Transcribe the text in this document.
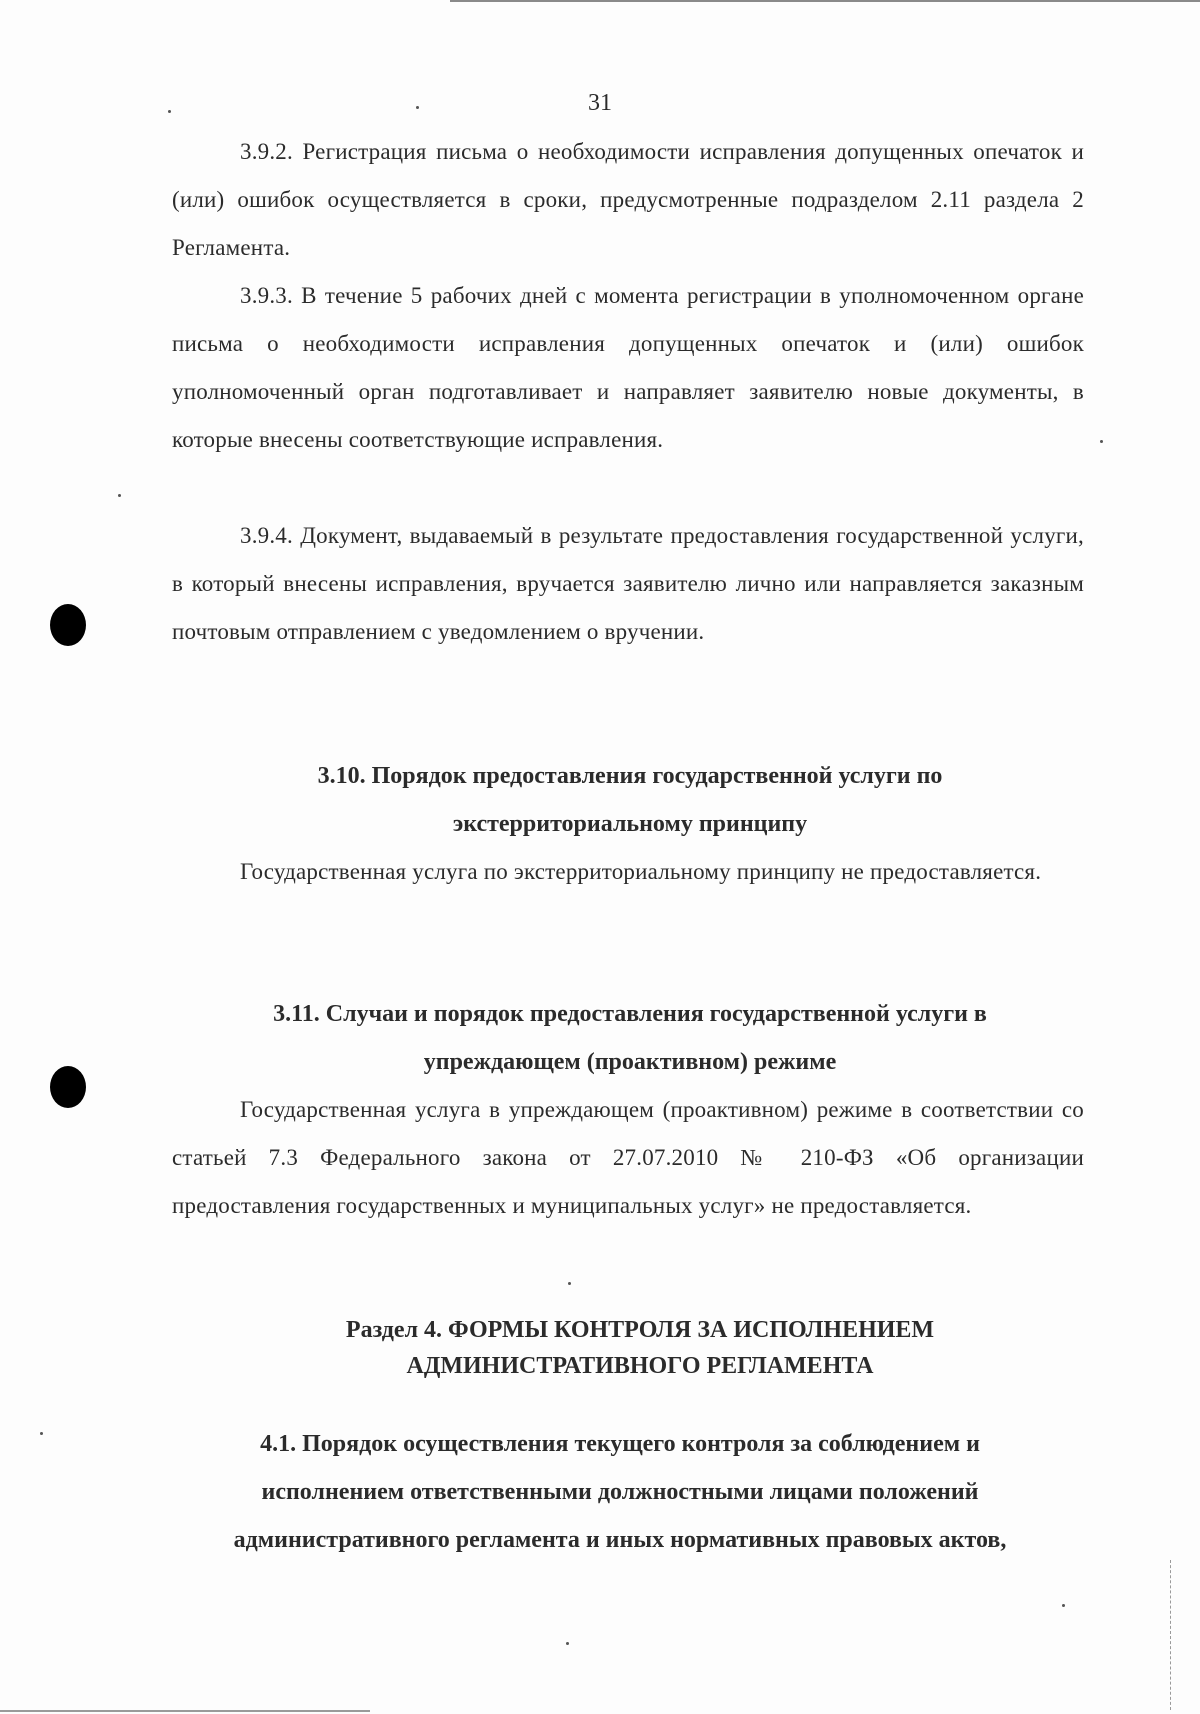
31

3.9.2. Регистрация письма о необходимости исправления допущенных опечаток и (или) ошибок осуществляется в сроки, предусмотренные подразделом 2.11 раздела 2 Регламента.

3.9.3. В течение 5 рабочих дней с момента регистрации в уполномоченном органе письма о необходимости исправления допущенных опечаток и (или) ошибок уполномоченный орган подготавливает и направляет заявителю новые документы, в которые внесены соответствующие исправления.

3.9.4. Документ, выдаваемый в результате предоставления государственной услуги, в который внесены исправления, вручается заявителю лично или направляется заказным почтовым отправлением с уведомлением о вручении.

3.10. Порядок предоставления государственной услуги по
экстерриториальному принципу

Государственная услуга по экстерриториальному принципу не предоставляется.

3.11. Случаи и порядок предоставления государственной услуги в
упреждающем (проактивном) режиме

Государственная услуга в упреждающем (проактивном) режиме в соответствии со статьей 7.3 Федерального закона от 27.07.2010 № 210-ФЗ «Об организации предоставления государственных и муниципальных услуг» не предоставляется.

Раздел 4. ФОРМЫ КОНТРОЛЯ ЗА ИСПОЛНЕНИЕМ
АДМИНИСТРАТИВНОГО РЕГЛАМЕНТА
4.1. Порядок осуществления текущего контроля за соблюдением и
исполнением ответственными должностными лицами положений
административного регламента и иных нормативных правовых актов,
